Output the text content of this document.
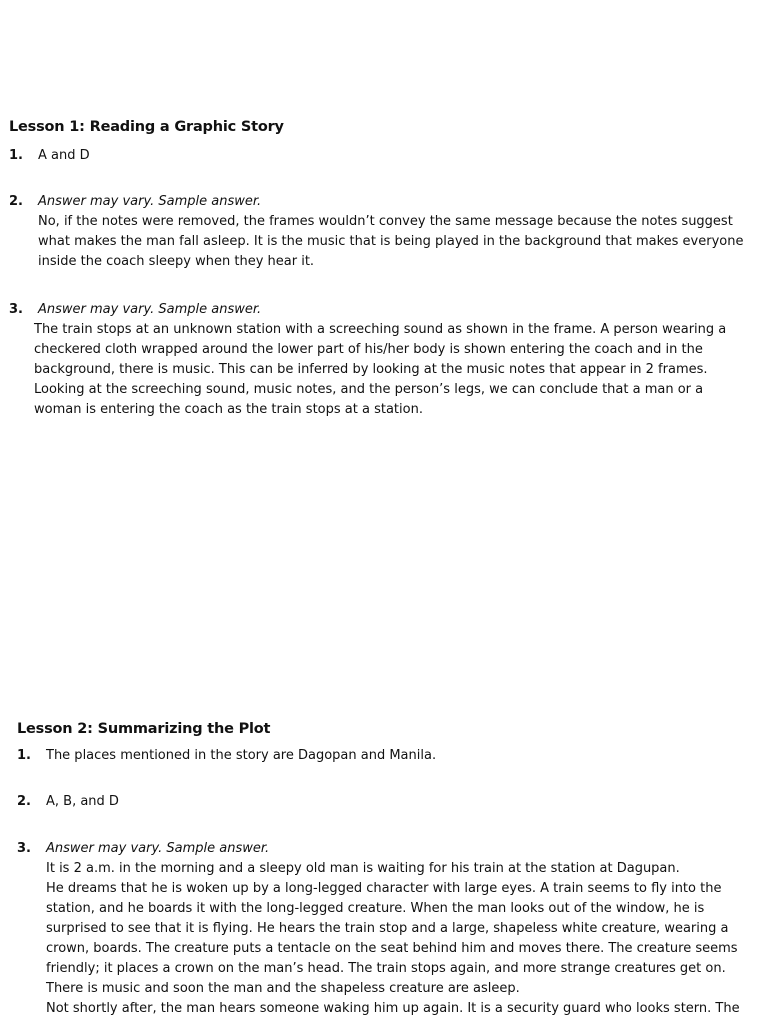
Lesson 1: Reading a Graphic Story
1. A and D
2. Answer may vary. Sample answer.

No, if the notes were removed, the frames wouldn’t convey the same message because the notes suggest what makes the man fall asleep. It is the music that is being played in the background that makes everyone inside the coach sleepy when they hear it.

3. Answer may vary. Sample answer.

The train stops at an unknown station with a screeching sound as shown in the frame. A person wearing a checkered cloth wrapped around the lower part of his/her body is shown entering the coach and in the background, there is music. This can be inferred by looking at the music notes that appear in 2 frames. Looking at the screeching sound, music notes, and the person’s legs, we can conclude that a man or a woman is entering the coach as the train stops at a station.

Lesson 2: Summarizing the Plot
1. The places mentioned in the story are Dagopan and Manila.
2. A, B, and D
3. Answer may vary. Sample answer.

It is 2 a.m. in the morning and a sleepy old man is waiting for his train at the station at Dagupan.

He dreams that he is woken up by a long-legged character with large eyes. A train seems to fly into the station, and he boards it with the long-legged creature. When the man looks out of the window, he is surprised to see that it is flying. He hears the train stop and a large, shapeless white creature, wearing a crown, boards. The creature puts a tentacle on the seat behind him and moves there. The creature seems friendly; it places a crown on the man’s head. The train stops again, and more strange creatures get on. There is music and soon the man and the shapeless creature are asleep.

Not shortly after, the man hears someone waking him up again. It is a security guard who looks stern. The
